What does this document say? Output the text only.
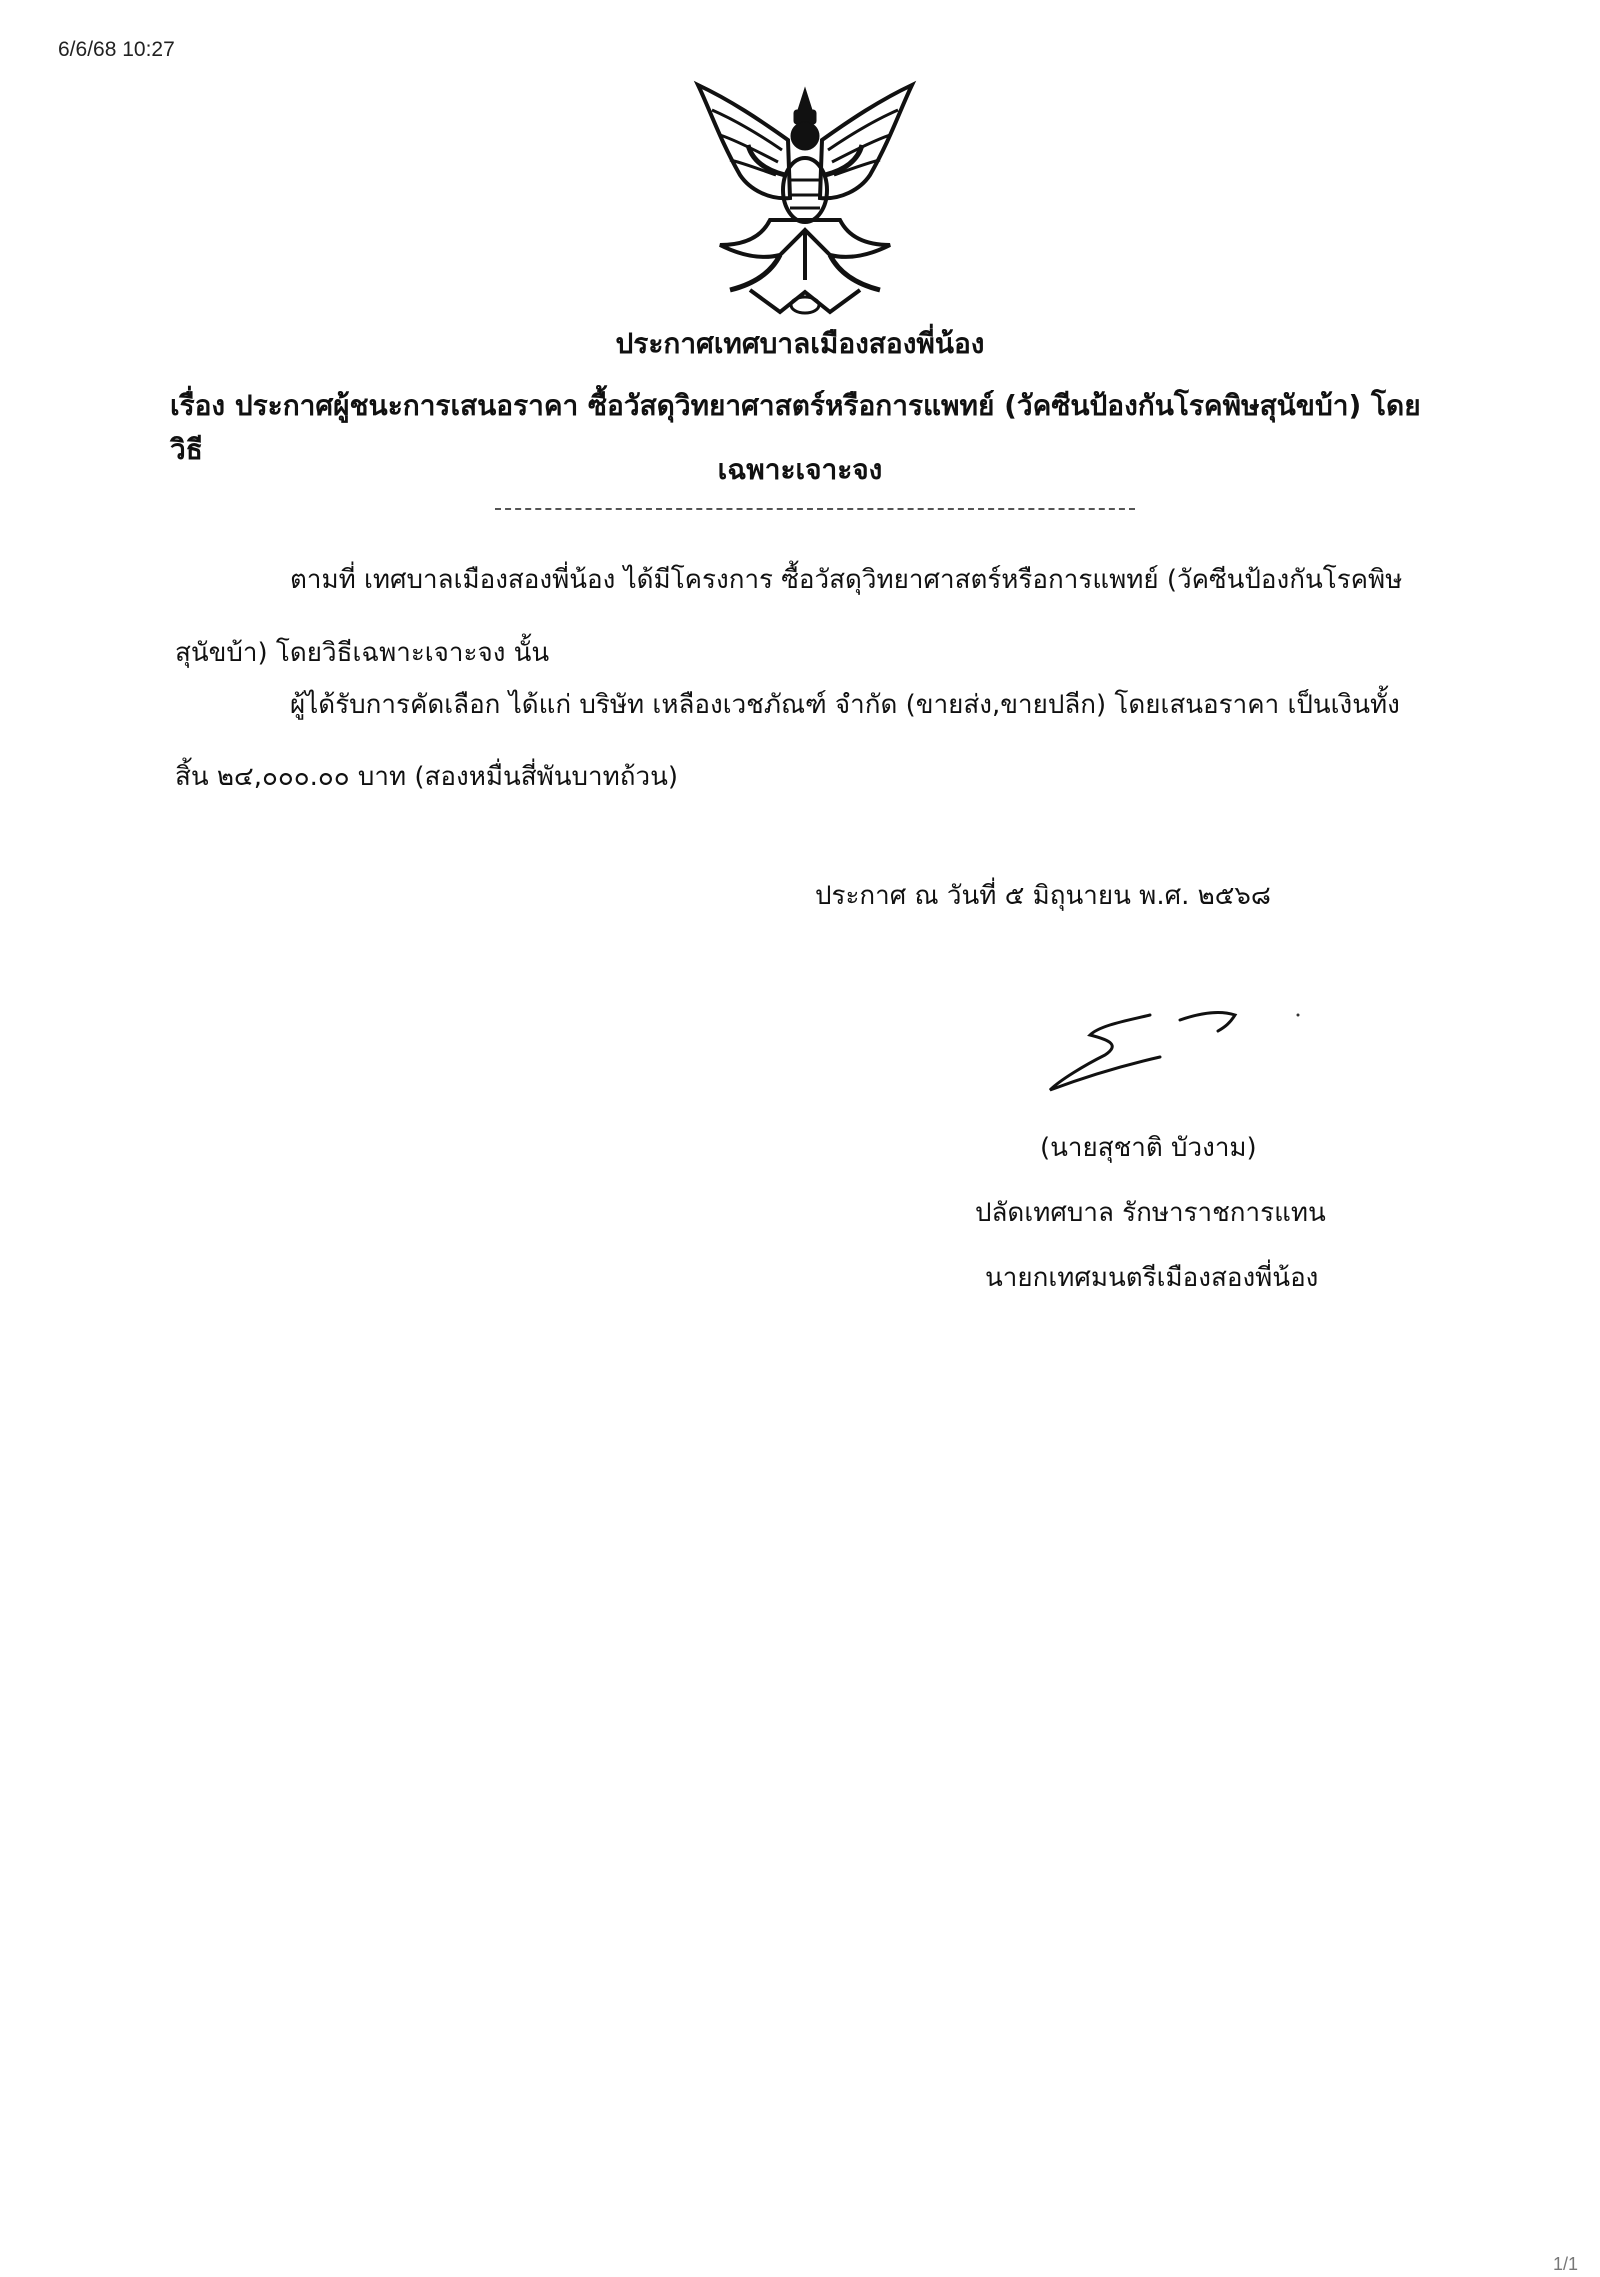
6/6/68 10:27
ประกาศเทศบาลเมืองสองพี่น้อง
เรื่อง ประกาศผู้ชนะการเสนอราคา ซื้อวัสดุวิทยาศาสตร์หรือการแพทย์ (วัคซีนป้องกันโรคพิษสุนัขบ้า) โดยวิธี
เฉพาะเจาะจง
ตามที่ เทศบาลเมืองสองพี่น้อง ได้มีโครงการ ซื้อวัสดุวิทยาศาสตร์หรือการแพทย์ (วัคซีนป้องกันโรคพิษ
สุนัขบ้า) โดยวิธีเฉพาะเจาะจง นั้น
ผู้ได้รับการคัดเลือก ได้แก่ บริษัท เหลืองเวชภัณฑ์ จำกัด (ขายส่ง,ขายปลีก) โดยเสนอราคา เป็นเงินทั้ง
สิ้น ๒๔,๐๐๐.๐๐ บาท (สองหมื่นสี่พันบาทถ้วน)
ประกาศ ณ วันที่ ๕ มิถุนายน พ.ศ. ๒๕๖๘
(นายสุชาติ บัวงาม)
ปลัดเทศบาล รักษาราชการแทน
นายกเทศมนตรีเมืองสองพี่น้อง
1/1
